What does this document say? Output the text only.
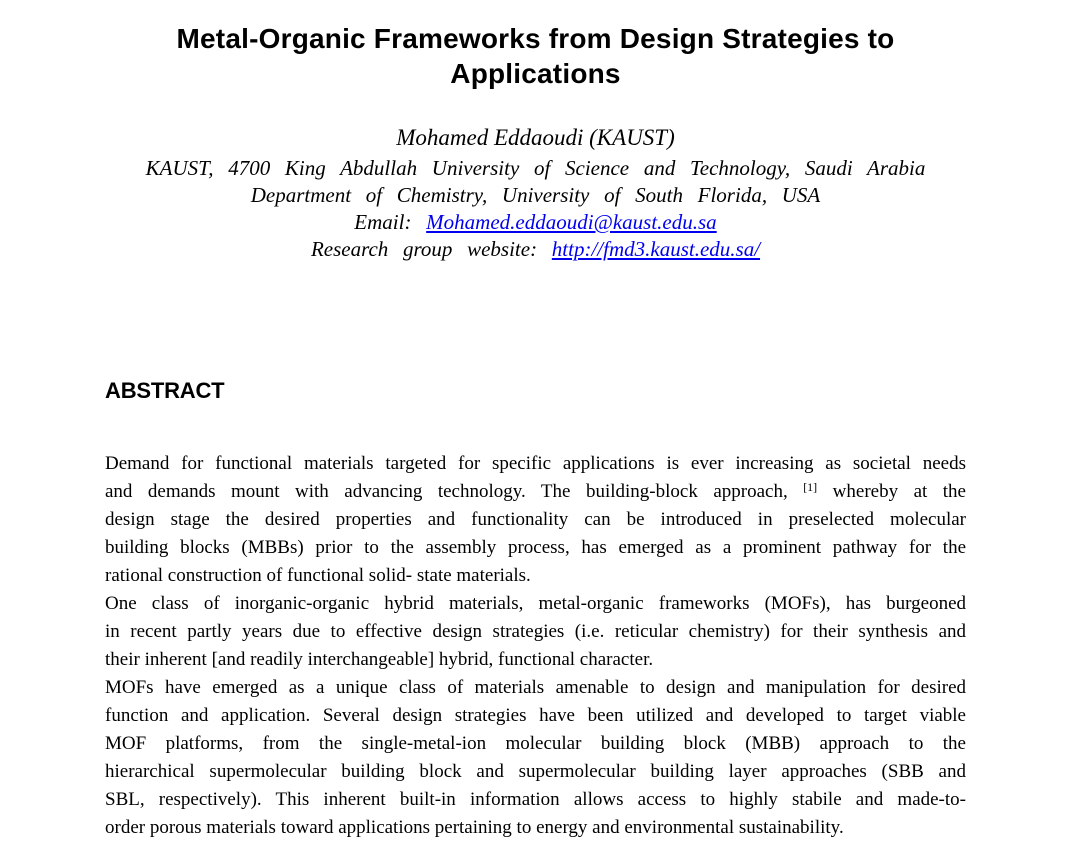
Metal-Organic Frameworks from Design Strategies to
Applications
Mohamed Eddaoudi (KAUST)
KAUST, 4700 King Abdullah University of Science and Technology, Saudi Arabia
Department of Chemistry, University of South Florida, USA
Email: Mohamed.eddaoudi@kaust.edu.sa
Research group website: http://fmd3.kaust.edu.sa/
ABSTRACT
Demand for functional materials targeted for specific applications is ever increasing as societal needs
and demands mount with advancing technology. The building-block approach, [1] whereby at the
design stage the desired properties and functionality can be introduced in preselected molecular
building blocks (MBBs) prior to the assembly process, has emerged as a prominent pathway for the
rational construction of functional solid- state materials.
One class of inorganic-organic hybrid materials, metal-organic frameworks (MOFs), has burgeoned
in recent partly years due to effective design strategies (i.e. reticular chemistry) for their synthesis and
their inherent [and readily interchangeable] hybrid, functional character.
MOFs have emerged as a unique class of materials amenable to design and manipulation for desired
function and application. Several design strategies have been utilized and developed to target viable
MOF platforms, from the single-metal-ion molecular building block (MBB) approach to the
hierarchical supermolecular building block and supermolecular building layer approaches (SBB and
SBL, respectively). This inherent built-in information allows access to highly stabile and made-to-
order porous materials toward applications pertaining to energy and environmental sustainability.
